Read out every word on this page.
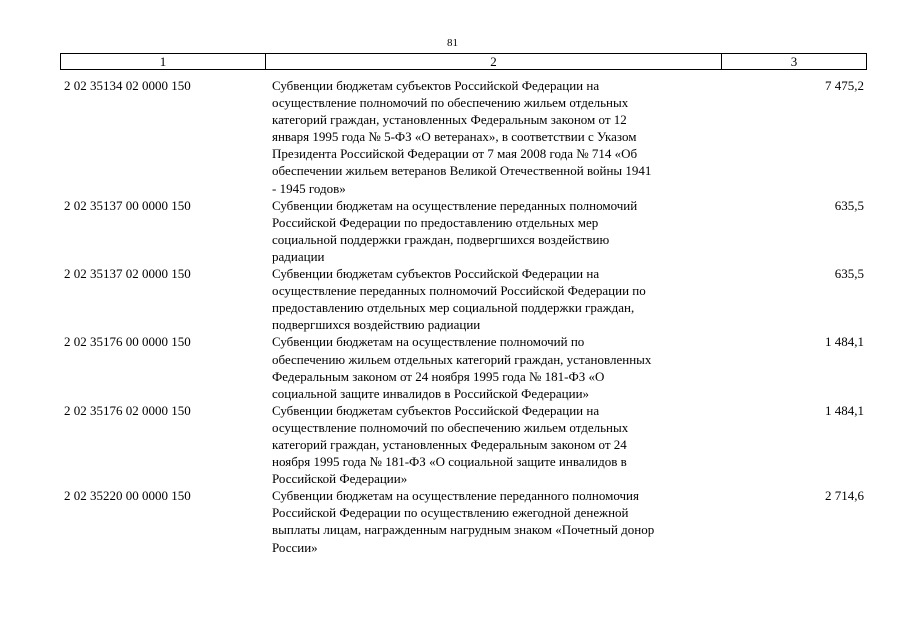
81
1	2	3
2 02 35134 02 0000 150	Субвенции бюджетам субъектов Российской Федерации на
осуществление полномочий по обеспечению жильем отдельных
категорий граждан, установленных Федеральным законом от 12
января 1995 года № 5-ФЗ «О ветеранах», в соответствии с Указом
Президента Российской Федерации от 7 мая 2008 года № 714 «Об
обеспечении жильем ветеранов Великой Отечественной войны 1941
- 1945 годов»
7 475,2
2 02 35137 00 0000 150	Субвенции бюджетам на осуществление переданных полномочий
Российской Федерации по предоставлению отдельных мер
социальной поддержки граждан, подвергшихся воздействию
радиации
635,5
2 02 35137 02 0000 150	Субвенции бюджетам субъектов Российской Федерации на
осуществление переданных полномочий Российской Федерации по
предоставлению отдельных мер социальной поддержки граждан,
подвергшихся воздействию радиации
635,5
2 02 35176 00 0000 150	Субвенции бюджетам на осуществление полномочий по
обеспечению жильем отдельных категорий граждан, установленных
Федеральным законом от 24 ноября 1995 года № 181-ФЗ «О
социальной защите инвалидов в Российской Федерации»
1 484,1
2 02 35176 02 0000 150	Субвенции бюджетам субъектов Российской Федерации на
осуществление полномочий по обеспечению жильем отдельных
категорий граждан, установленных Федеральным законом от 24
ноября 1995 года № 181-ФЗ «О социальной защите инвалидов в
Российской Федерации»
1 484,1
2 02 35220 00 0000 150	Субвенции бюджетам на осуществление переданного полномочия
Российской Федерации по осуществлению ежегодной денежной
выплаты лицам, награжденным нагрудным знаком «Почетный донор
России»
2 714,6
